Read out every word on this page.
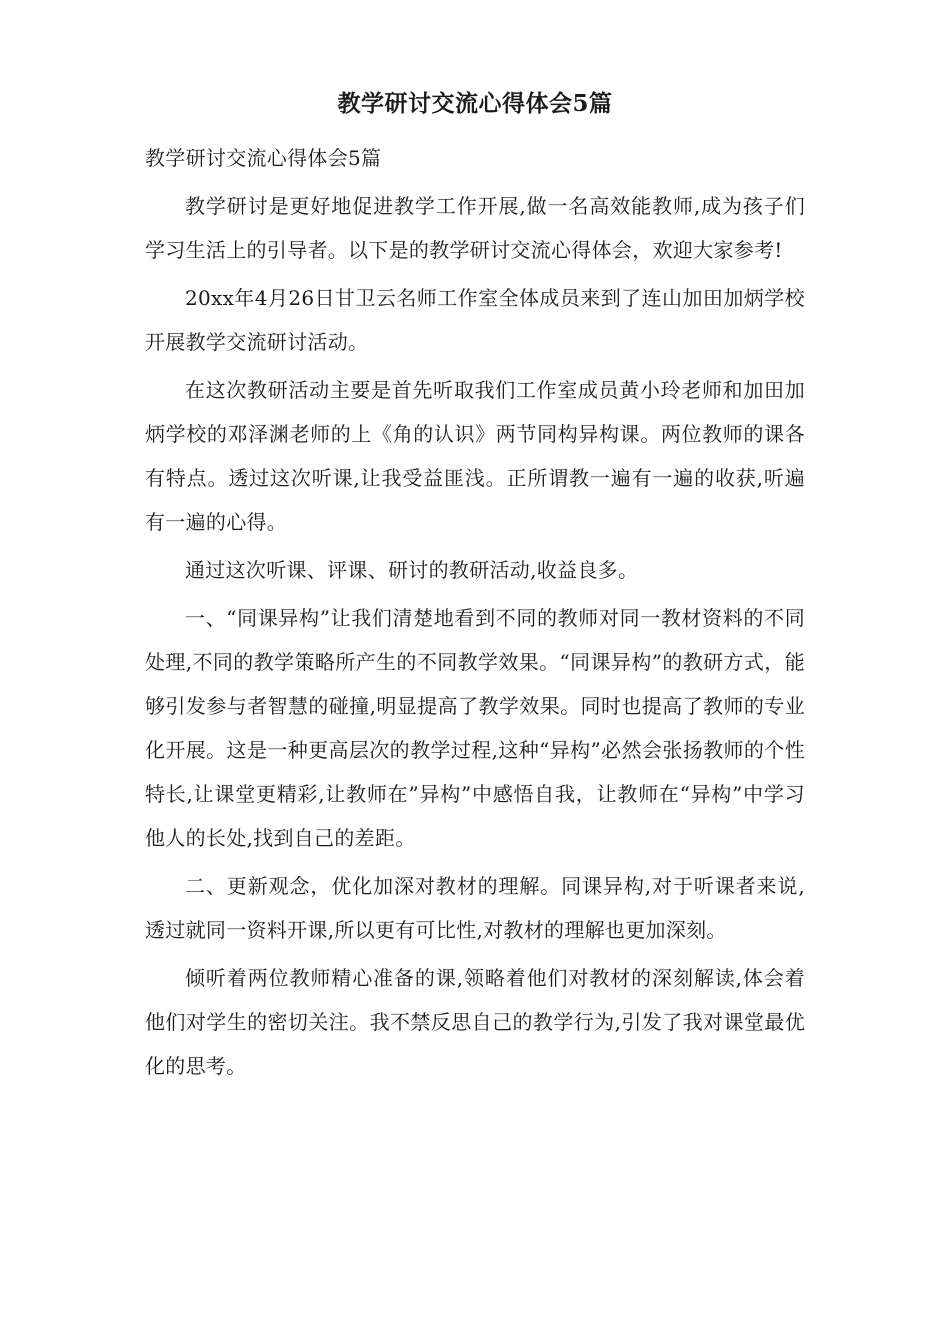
教学研讨交流心得体会5篇

教学研讨交流心得体会5篇

教学研讨是更好地促进教学工作开展,做一名高效能教师,成为孩子们学习生活上的引导者。以下是的教学研讨交流心得体会，欢迎大家参考!

20xx年4月26日甘卫云名师工作室全体成员来到了连山加田加炳学校开展教学交流研讨活动。

在这次教研活动主要是首先听取我们工作室成员黄小玲老师和加田加炳学校的邓泽渊老师的上《角的认识》两节同构异构课。两位教师的课各有特点。透过这次听课,让我受益匪浅。正所谓教一遍有一遍的收获,听遍有一遍的心得。

通过这次听课、评课、研讨的教研活动,收益良多。

一、“同课异构”让我们清楚地看到不同的教师对同一教材资料的不同处理,不同的教学策略所产生的不同教学效果。“同课异构”的教研方式，能够引发参与者智慧的碰撞,明显提高了教学效果。同时也提高了教师的专业化开展。这是一种更高层次的教学过程,这种“异构”必然会张扬教师的个性特长,让课堂更精彩,让教师在”异构”中感悟自我，让教师在“异构”中学习他人的长处,找到自己的差距。

二、更新观念，优化加深对教材的理解。同课异构,对于听课者来说,透过就同一资料开课,所以更有可比性,对教材的理解也更加深刻。

倾听着两位教师精心准备的课,领略着他们对教材的深刻解读,体会着他们对学生的密切关注。我不禁反思自己的教学行为,引发了我对课堂最优化的思考。
